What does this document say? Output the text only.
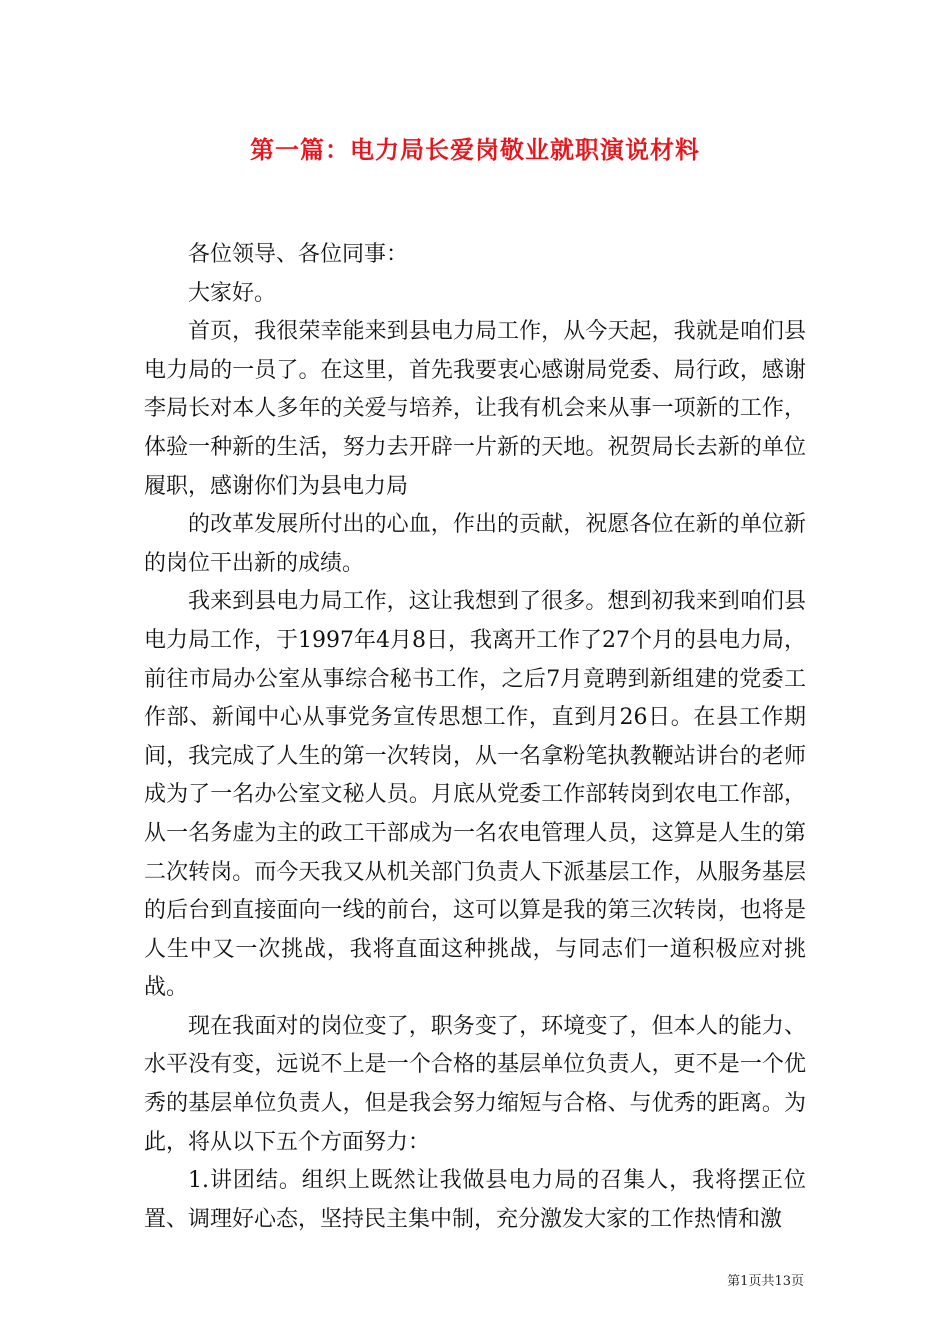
第一篇：电力局长爱岗敬业就职演说材料

各位领导、各位同事：

大家好。

首页，我很荣幸能来到县电力局工作，从今天起，我就是咱们县电力局的一员了。在这里，首先我要衷心感谢局党委、局行政，感谢李局长对本人多年的关爱与培养，让我有机会来从事一项新的工作，体验一种新的生活，努力去开辟一片新的天地。祝贺局长去新的单位履职，感谢你们为县电力局

的改革发展所付出的心血，作出的贡献，祝愿各位在新的单位新的岗位干出新的成绩。

我来到县电力局工作，这让我想到了很多。想到初我来到咱们县电力局工作，于1997年4月8日，我离开工作了27个月的县电力局，前往市局办公室从事综合秘书工作，之后7月竟聘到新组建的党委工作部、新闻中心从事党务宣传思想工作，直到月26日。在县工作期间，我完成了人生的第一次转岗，从一名拿粉笔执教鞭站讲台的老师成为了一名办公室文秘人员。月底从党委工作部转岗到农电工作部，从一名务虚为主的政工干部成为一名农电管理人员，这算是人生的第二次转岗。而今天我又从机关部门负责人下派基层工作，从服务基层的后台到直接面向一线的前台，这可以算是我的第三次转岗，也将是人生中又一次挑战，我将直面这种挑战，与同志们一道积极应对挑战。

现在我面对的岗位变了，职务变了，环境变了，但本人的能力、水平没有变，远说不上是一个合格的基层单位负责人，更不是一个优秀的基层单位负责人，但是我会努力缩短与合格、与优秀的距离。为此，将从以下五个方面努力：

1.讲团结。组织上既然让我做县电力局的召集人，我将摆正位置、调理好心态，坚持民主集中制，充分激发大家的工作热情和激

第1页共13页
